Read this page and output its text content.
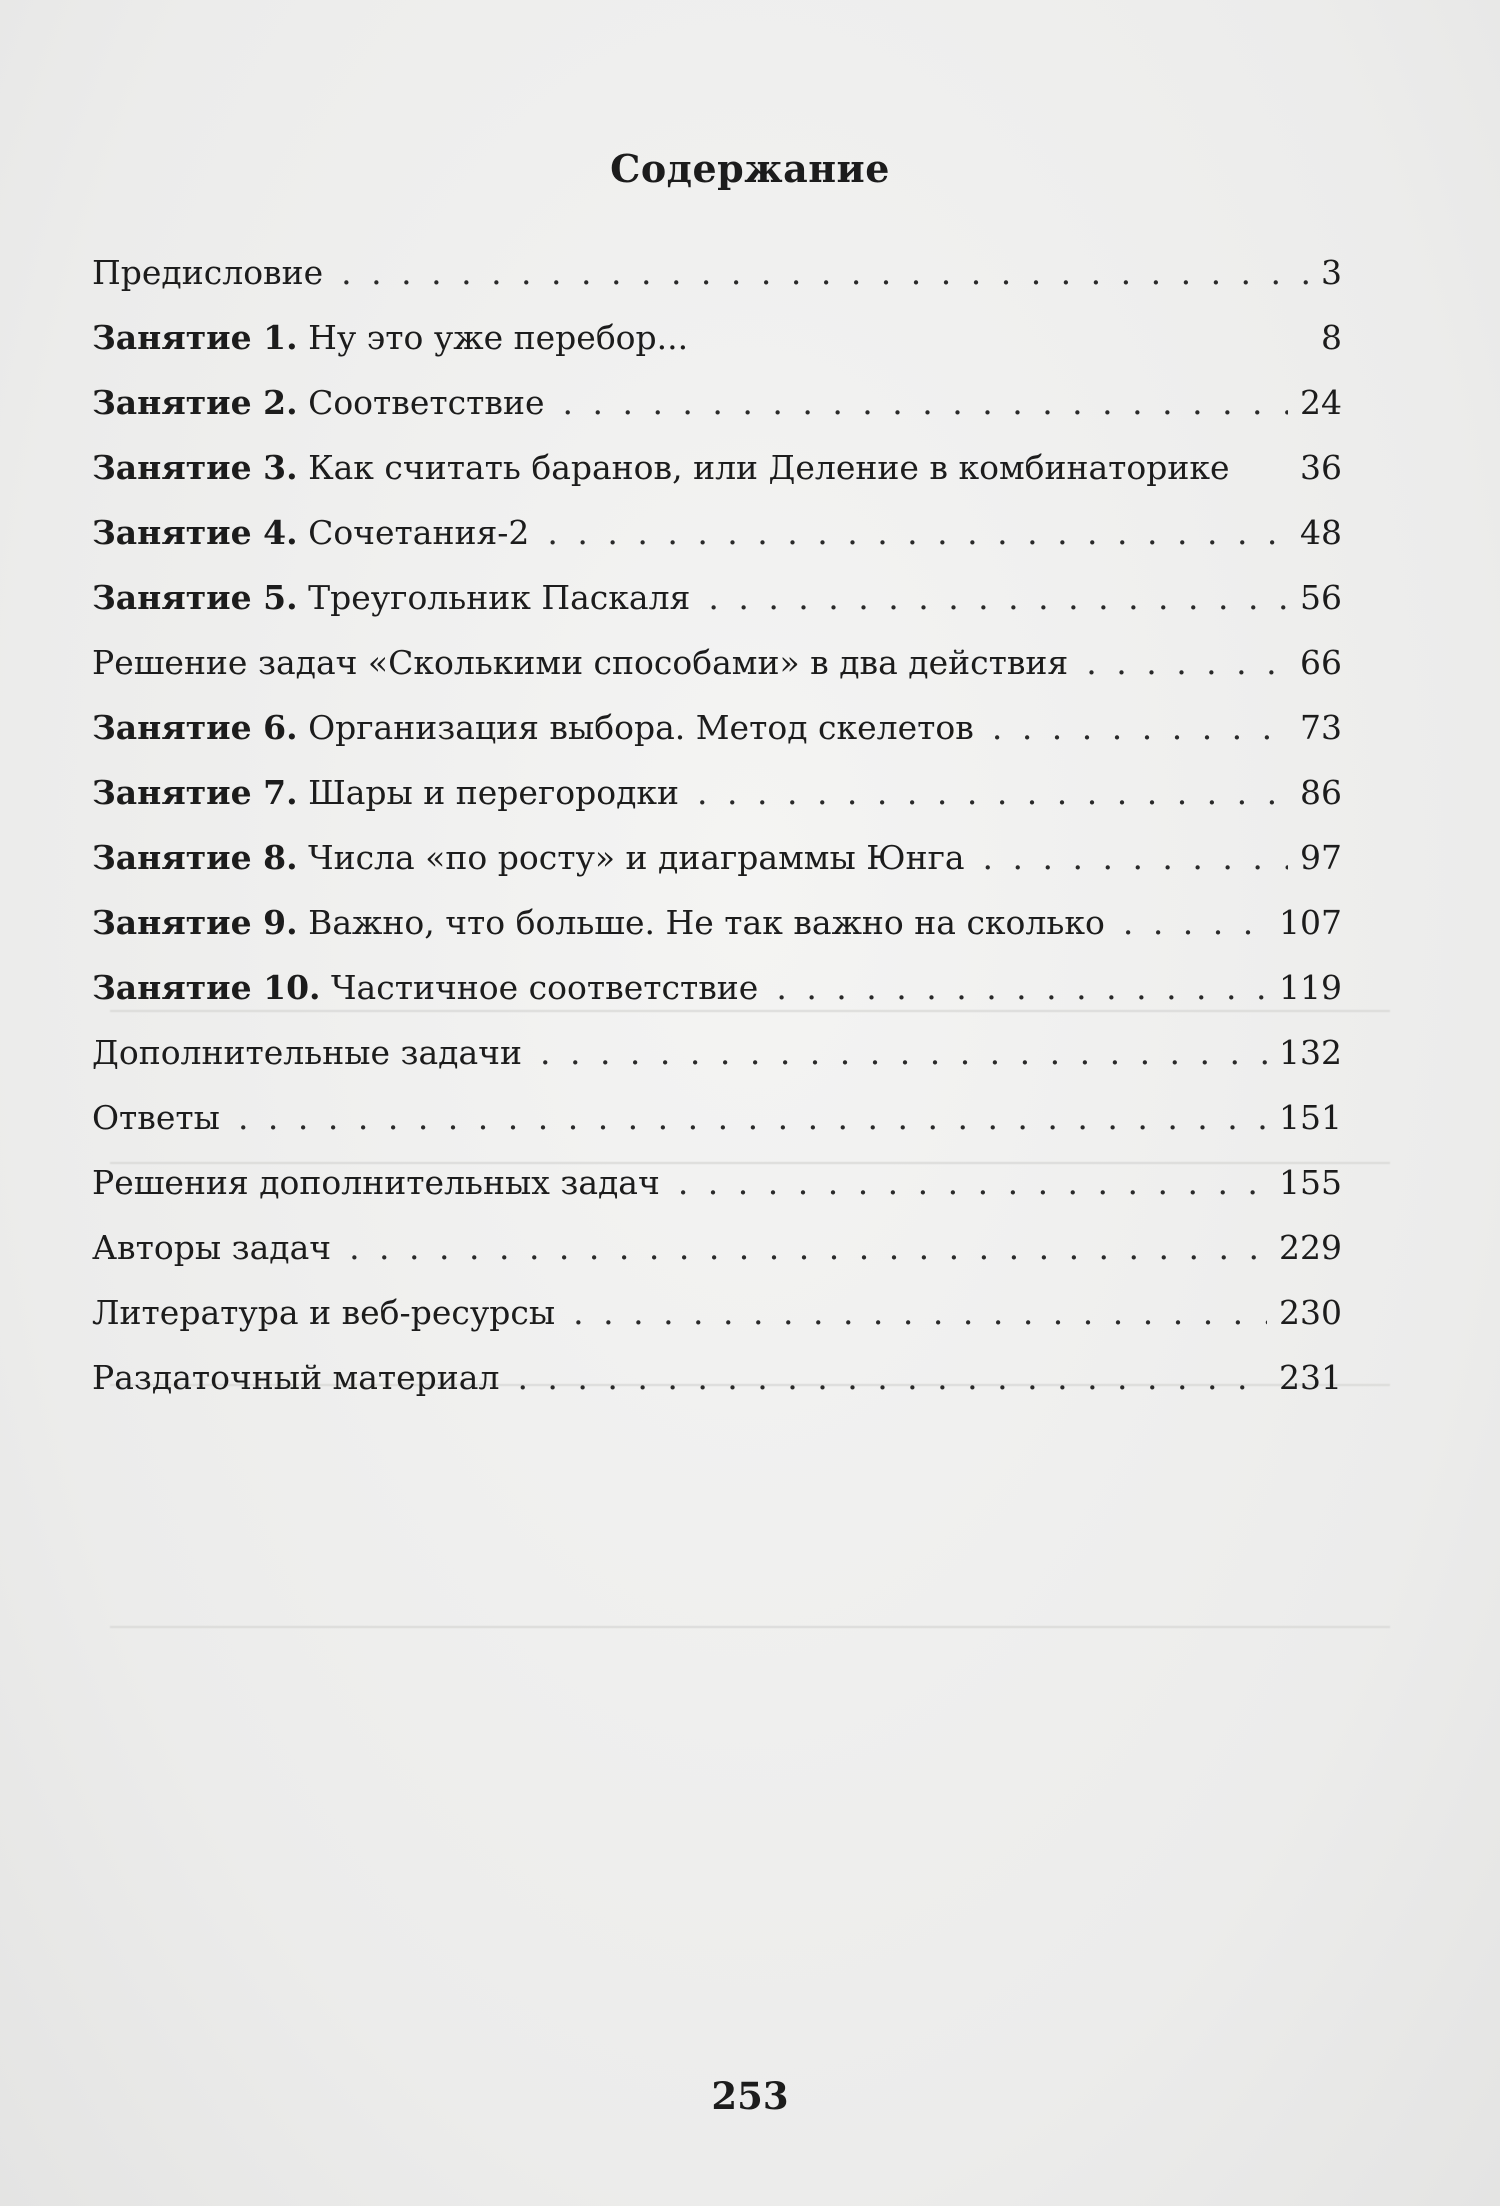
Содержание
Предисловие . . .	3
Занятие 1. Ну это уже перебор...	8
Занятие 2. Соответствие . . .	24
Занятие 3. Как считать баранов, или Деление в комбинаторике 36
Занятие 4. Сочетания-2 . . .	48
Занятие 5. Треугольник Паскаля . . .	56
Решение задач «Сколькими способами» в два действия . . .	66
Занятие 6. Организация выбора. Метод скелетов . . .	73
Занятие 7. Шары и перегородки . . .	86
Занятие 8. Числа «по росту» и диаграммы Юнга . . .	97
Занятие 9. Важно, что больше. Не так важно на сколько . . .	107
Занятие 10. Частичное соответствие . . .	119
Дополнительные задачи . . .	132
Ответы . . .	151
Решения дополнительных задач . . .	155
Авторы задач . . .	229
Литература и веб-ресурсы . . .	230
Раздаточный материал . . .	231
253
